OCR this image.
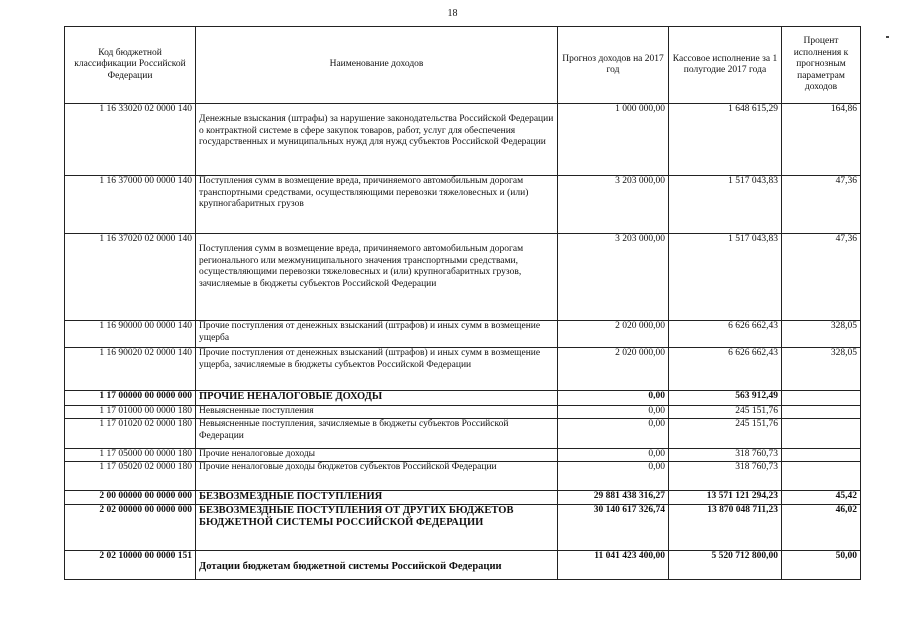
18
Код бюджетной классификации Российской Федерации	Наименование доходов	Прогноз доходов на 2017 год	Кассовое исполнение за 1 полугодие 2017 года	Процент исполнения к прогнозным параметрам доходов
1 16 33020 02 0000 140	Денежные взыскания (штрафы) за нарушение законодательства Российской Федерации о контрактной системе в сфере закупок товаров, работ, услуг для обеспечения государственных и муниципальных нужд для нужд субъектов Российской Федерации	1 000 000,00	1 648 615,29	164,86
1 16 37000 00 0000 140	Поступления сумм в возмещение вреда, причиняемого автомобильным дорогам транспортными средствами, осуществляющими перевозки тяжеловесных и (или) крупногабаритных грузов	3 203 000,00	1 517 043,83	47,36
1 16 37020 02 0000 140	Поступления сумм в возмещение вреда, причиняемого автомобильным дорогам регионального или межмуниципального значения транспортными средствами, осуществляющими перевозки тяжеловесных и (или) крупногабаритных грузов, зачисляемые в бюджеты субъектов Российской Федерации	3 203 000,00	1 517 043,83	47,36
1 16 90000 00 0000 140	Прочие поступления от денежных взысканий (штрафов) и иных сумм в возмещение ущерба	2 020 000,00	6 626 662,43	328,05
1 16 90020 02 0000 140	Прочие поступления от денежных взысканий (штрафов) и иных сумм в возмещение ущерба, зачисляемые в бюджеты субъектов Российской Федерации	2 020 000,00	6 626 662,43	328,05
1 17 00000 00 0000 000	ПРОЧИЕ НЕНАЛОГОВЫЕ ДОХОДЫ	0,00	563 912,49	
1 17 01000 00 0000 180	Невыясненные поступления	0,00	245 151,76	
1 17 01020 02 0000 180	Невыясненные поступления, зачисляемые в бюджеты субъектов Российской Федерации	0,00	245 151,76	
1 17 05000 00 0000 180	Прочие неналоговые доходы	0,00	318 760,73	
1 17 05020 02 0000 180	Прочие неналоговые доходы бюджетов субъектов Российской Федерации	0,00	318 760,73	
2 00 00000 00 0000 000	БЕЗВОЗМЕЗДНЫЕ ПОСТУПЛЕНИЯ	29 881 438 316,27	13 571 121 294,23	45,42
2 02 00000 00 0000 000	БЕЗВОЗМЕЗДНЫЕ ПОСТУПЛЕНИЯ ОТ ДРУГИХ БЮДЖЕТОВ БЮДЖЕТНОЙ СИСТЕМЫ РОССИЙСКОЙ ФЕДЕРАЦИИ	30 140 617 326,74	13 870 048 711,23	46,02
2 02 10000 00 0000 151	Дотации бюджетам бюджетной системы Российской Федерации	11 041 423 400,00	5 520 712 800,00	50,00
